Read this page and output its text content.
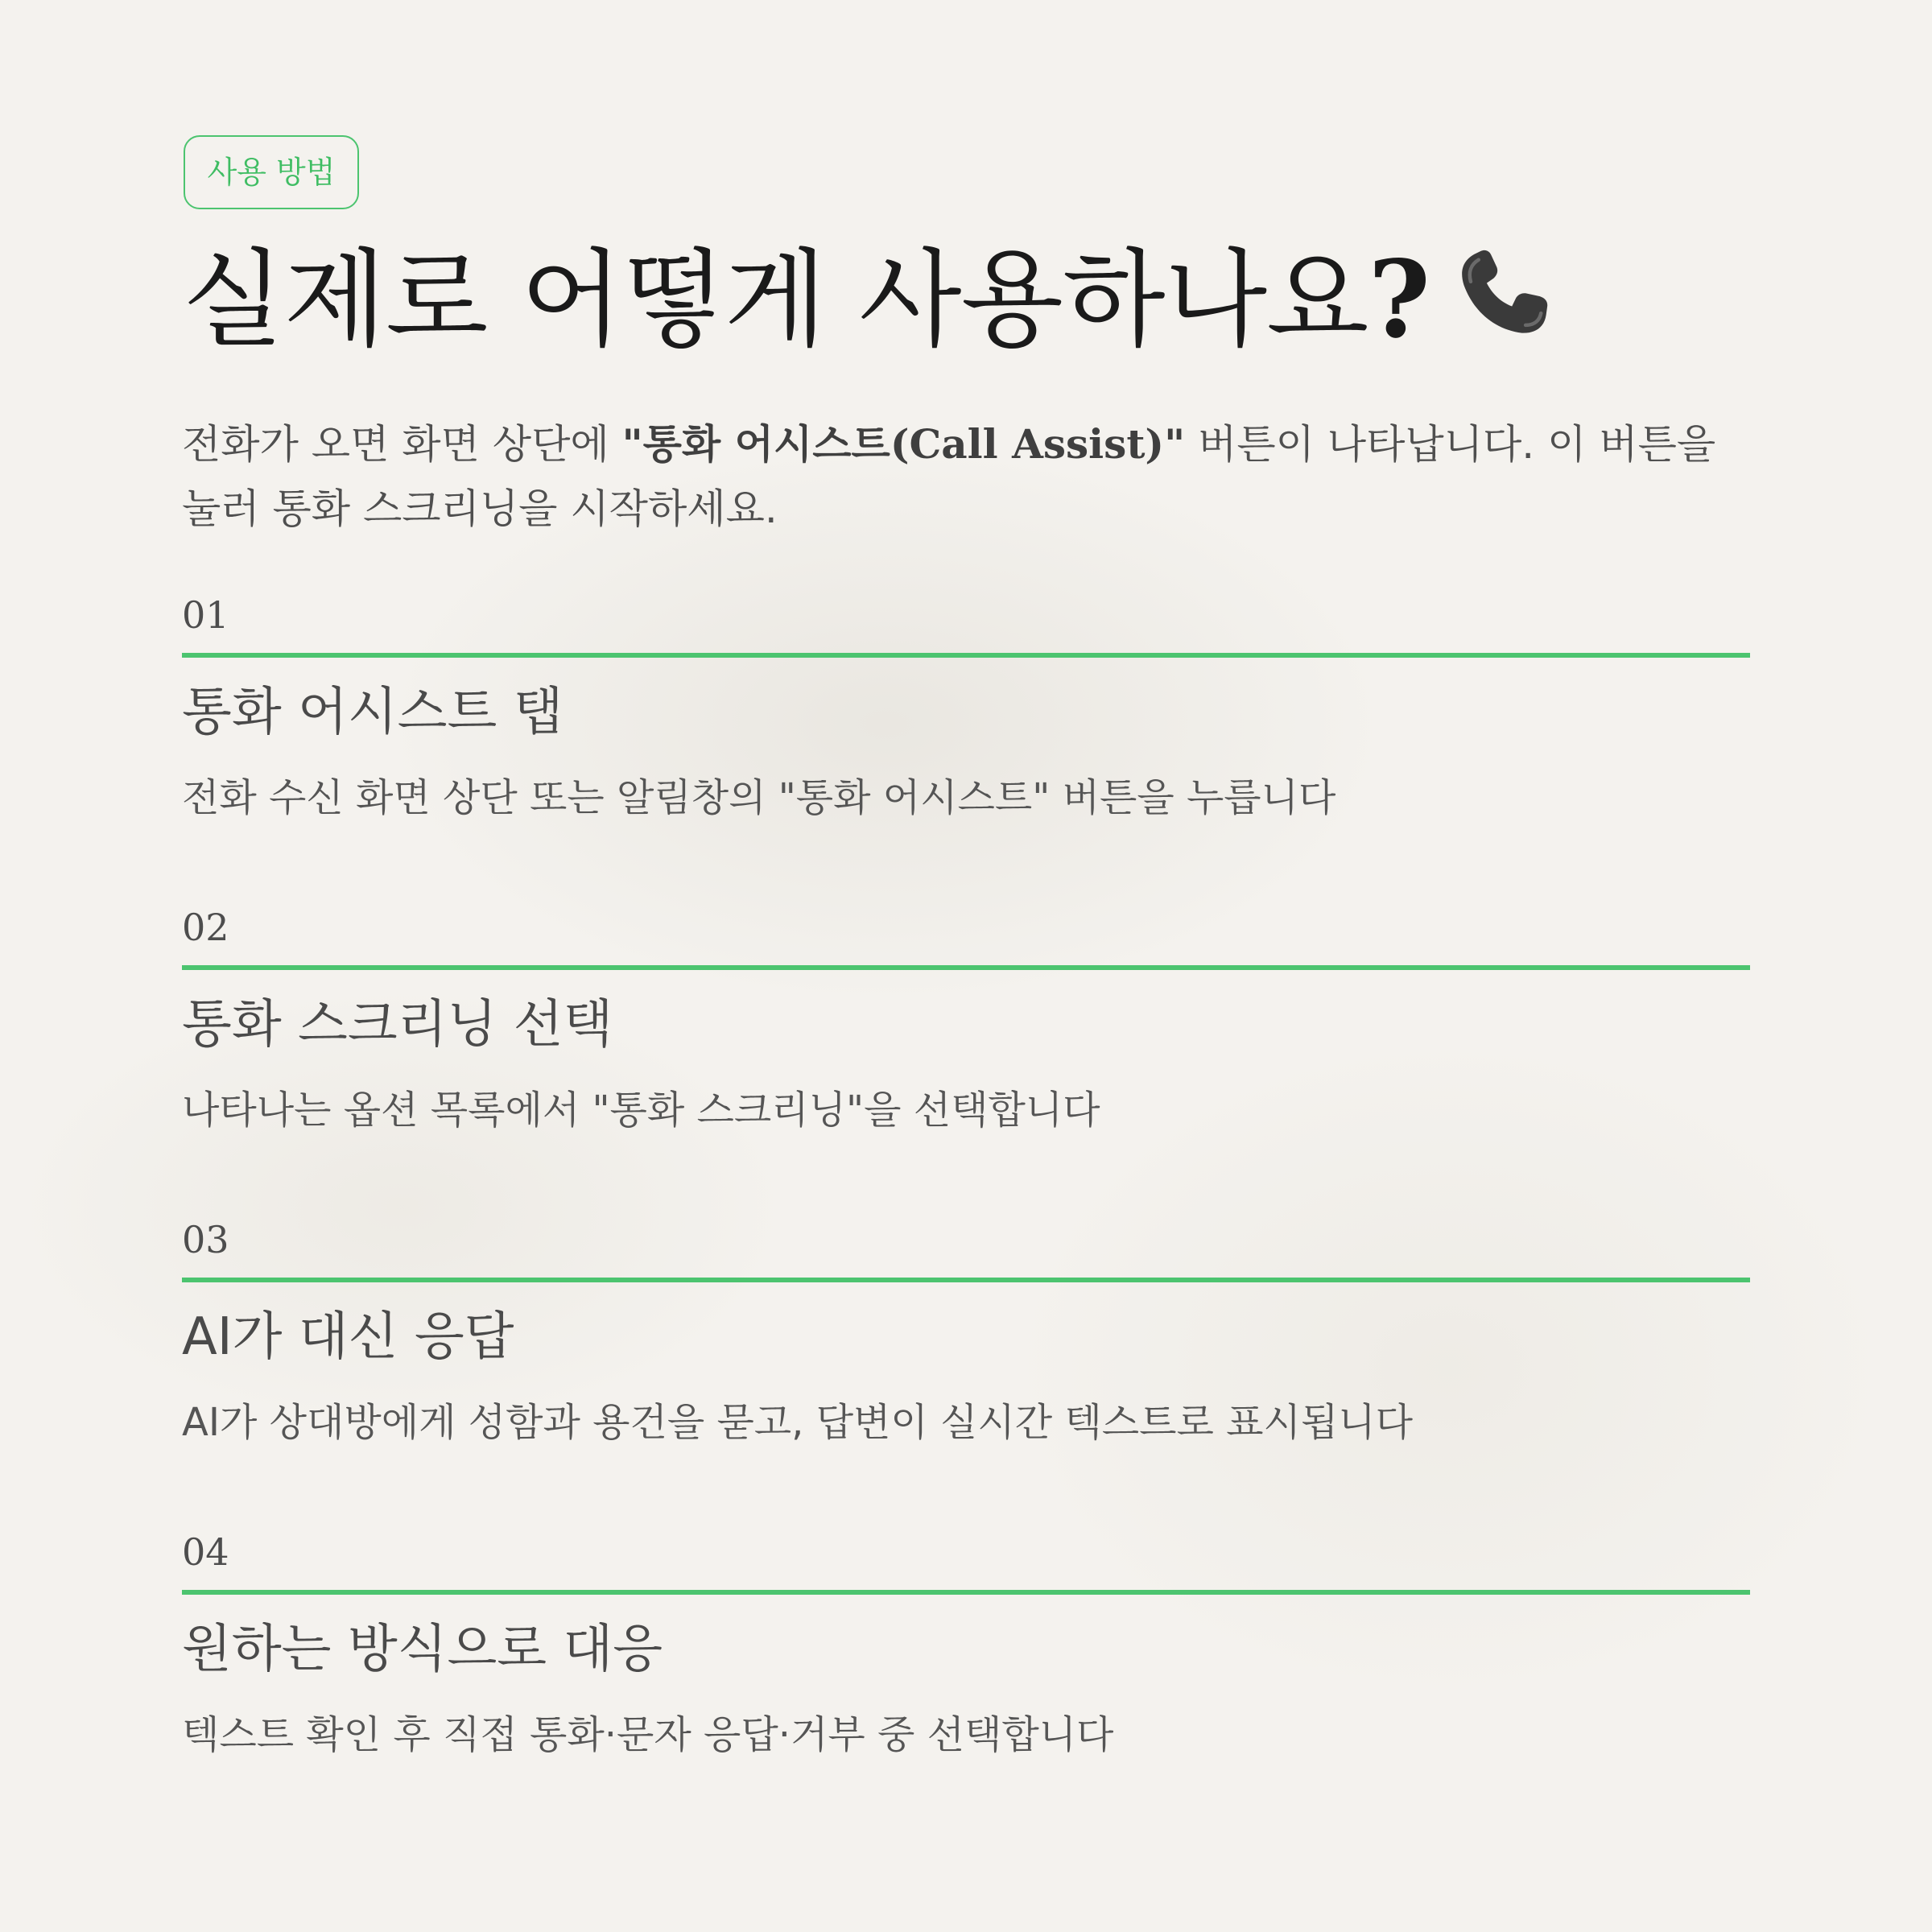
사용 방법
실제로 어떻게 사용하나요?

전화가 오면 화면 상단에 "통화 어시스트(Call Assist)" 버튼이 나타납니다. 이 버튼을 눌러 통화 스크리닝을 시작하세요.

01
통화 어시스트 탭

전화 수신 화면 상단 또는 알림창의 "통화 어시스트" 버튼을 누릅니다

02
통화 스크리닝 선택

나타나는 옵션 목록에서 "통화 스크리닝"을 선택합니다

03
AI가 대신 응답

AI가 상대방에게 성함과 용건을 묻고, 답변이 실시간 텍스트로 표시됩니다

04
원하는 방식으로 대응

텍스트 확인 후 직접 통화·문자 응답·거부 중 선택합니다
